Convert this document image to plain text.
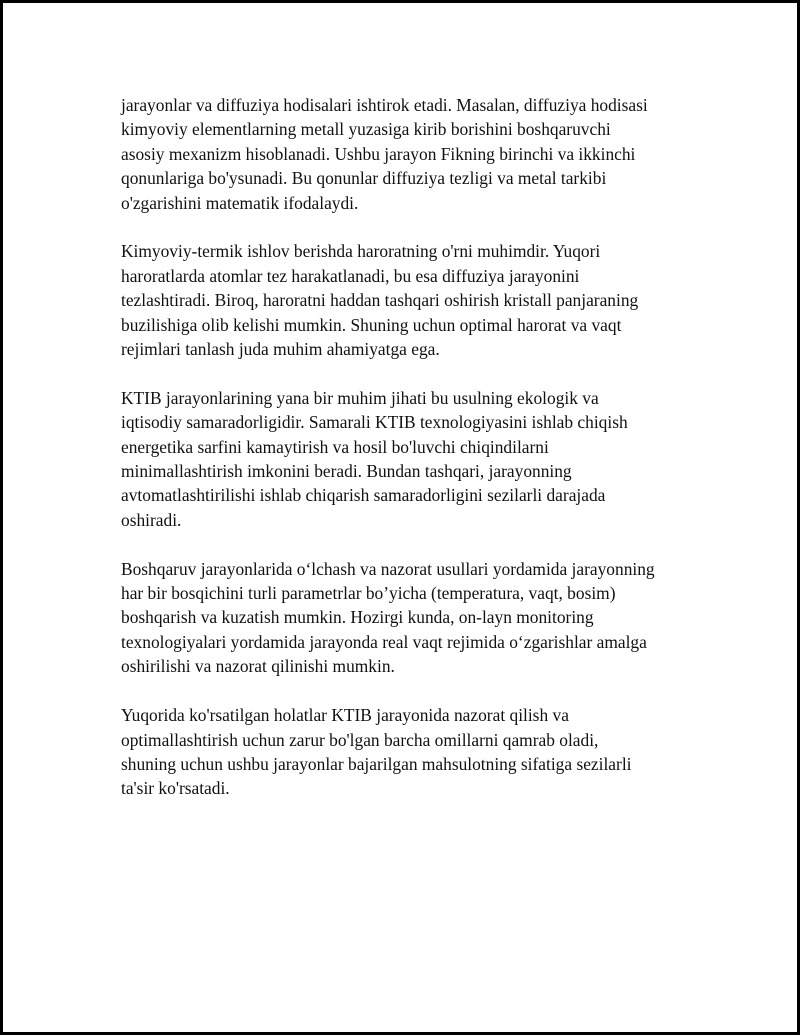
jarayonlar va diffuziya hodisalari ishtirok etadi. Masalan, diffuziya hodisasi
kimyoviy elementlarning metall yuzasiga kirib borishini boshqaruvchi
asosiy mexanizm hisoblanadi. Ushbu jarayon Fikning birinchi va ikkinchi
qonunlariga bo'ysunadi. Bu qonunlar diffuziya tezligi va metal tarkibi
o'zgarishini matematik ifodalaydi.

Kimyoviy-termik ishlov berishda haroratning o'rni muhimdir. Yuqori
haroratlarda atomlar tez harakatlanadi, bu esa diffuziya jarayonini
tezlashtiradi. Biroq, haroratni haddan tashqari oshirish kristall panjaraning
buzilishiga olib kelishi mumkin. Shuning uchun optimal harorat va vaqt
rejimlari tanlash juda muhim ahamiyatga ega.

KTIB jarayonlarining yana bir muhim jihati bu usulning ekologik va
iqtisodiy samaradorligidir. Samarali KTIB texnologiyasini ishlab chiqish
energetika sarfini kamaytirish va hosil bo'luvchi chiqindilarni
minimallashtirish imkonini beradi. Bundan tashqari, jarayonning
avtomatlashtirilishi ishlab chiqarish samaradorligini sezilarli darajada
oshiradi.

Boshqaruv jarayonlarida o‘lchash va nazorat usullari yordamida jarayonning
har bir bosqichini turli parametrlar bo’yicha (temperatura, vaqt, bosim)
boshqarish va kuzatish mumkin. Hozirgi kunda, on-layn monitoring
texnologiyalari yordamida jarayonda real vaqt rejimida o‘zgarishlar amalga
oshirilishi va nazorat qilinishi mumkin.

Yuqorida ko'rsatilgan holatlar KTIB jarayonida nazorat qilish va
optimallashtirish uchun zarur bo'lgan barcha omillarni qamrab oladi,
shuning uchun ushbu jarayonlar bajarilgan mahsulotning sifatiga sezilarli
ta'sir ko'rsatadi.
